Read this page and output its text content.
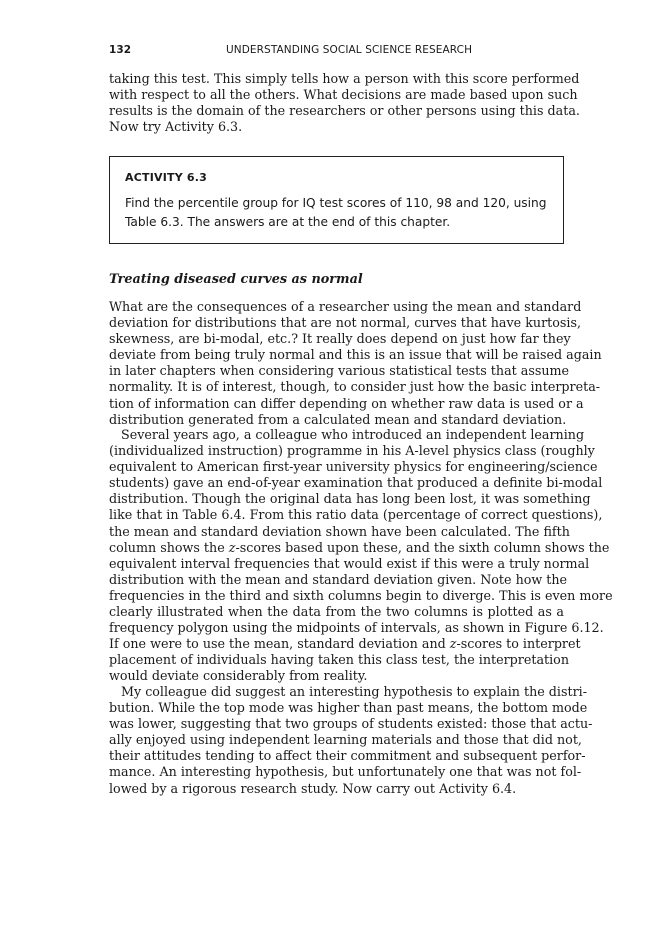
132	UNDERSTANDING SOCIAL SCIENCE RESEARCH
taking this test. This simply tells how a person with this score performed
with respect to all the others. What decisions are made based upon such
results is the domain of the researchers or other persons using this data.
Now try Activity 6.3.
ACTIVITY 6.3
Find the percentile group for IQ test scores of 110, 98 and 120, using
Table 6.3. The answers are at the end of this chapter.
Treating diseased curves as normal
What are the consequences of a researcher using the mean and standard
deviation for distributions that are not normal, curves that have kurtosis,
skewness, are bi-modal, etc.? It really does depend on just how far they
deviate from being truly normal and this is an issue that will be raised again
in later chapters when considering various statistical tests that assume
normality. It is of interest, though, to consider just how the basic interpreta-
tion of information can differ depending on whether raw data is used or a
distribution generated from a calculated mean and standard deviation.
Several years ago, a colleague who introduced an independent learning
(individualized instruction) programme in his A-level physics class (roughly
equivalent to American first-year university physics for engineering/science
students) gave an end-of-year examination that produced a definite bi-modal
distribution. Though the original data has long been lost, it was something
like that in Table 6.4. From this ratio data (percentage of correct questions),
the mean and standard deviation shown have been calculated. The fifth
column shows the z-scores based upon these, and the sixth column shows the
equivalent interval frequencies that would exist if this were a truly normal
distribution with the mean and standard deviation given. Note how the
frequencies in the third and sixth columns begin to diverge. This is even more
clearly illustrated when the data from the two columns is plotted as a
frequency polygon using the midpoints of intervals, as shown in Figure 6.12.
If one were to use the mean, standard deviation and z-scores to interpret
placement of individuals having taken this class test, the interpretation
would deviate considerably from reality.
My colleague did suggest an interesting hypothesis to explain the distri-
bution. While the top mode was higher than past means, the bottom mode
was lower, suggesting that two groups of students existed: those that actu-
ally enjoyed using independent learning materials and those that did not,
their attitudes tending to affect their commitment and subsequent perfor-
mance. An interesting hypothesis, but unfortunately one that was not fol-
lowed by a rigorous research study. Now carry out Activity 6.4.
